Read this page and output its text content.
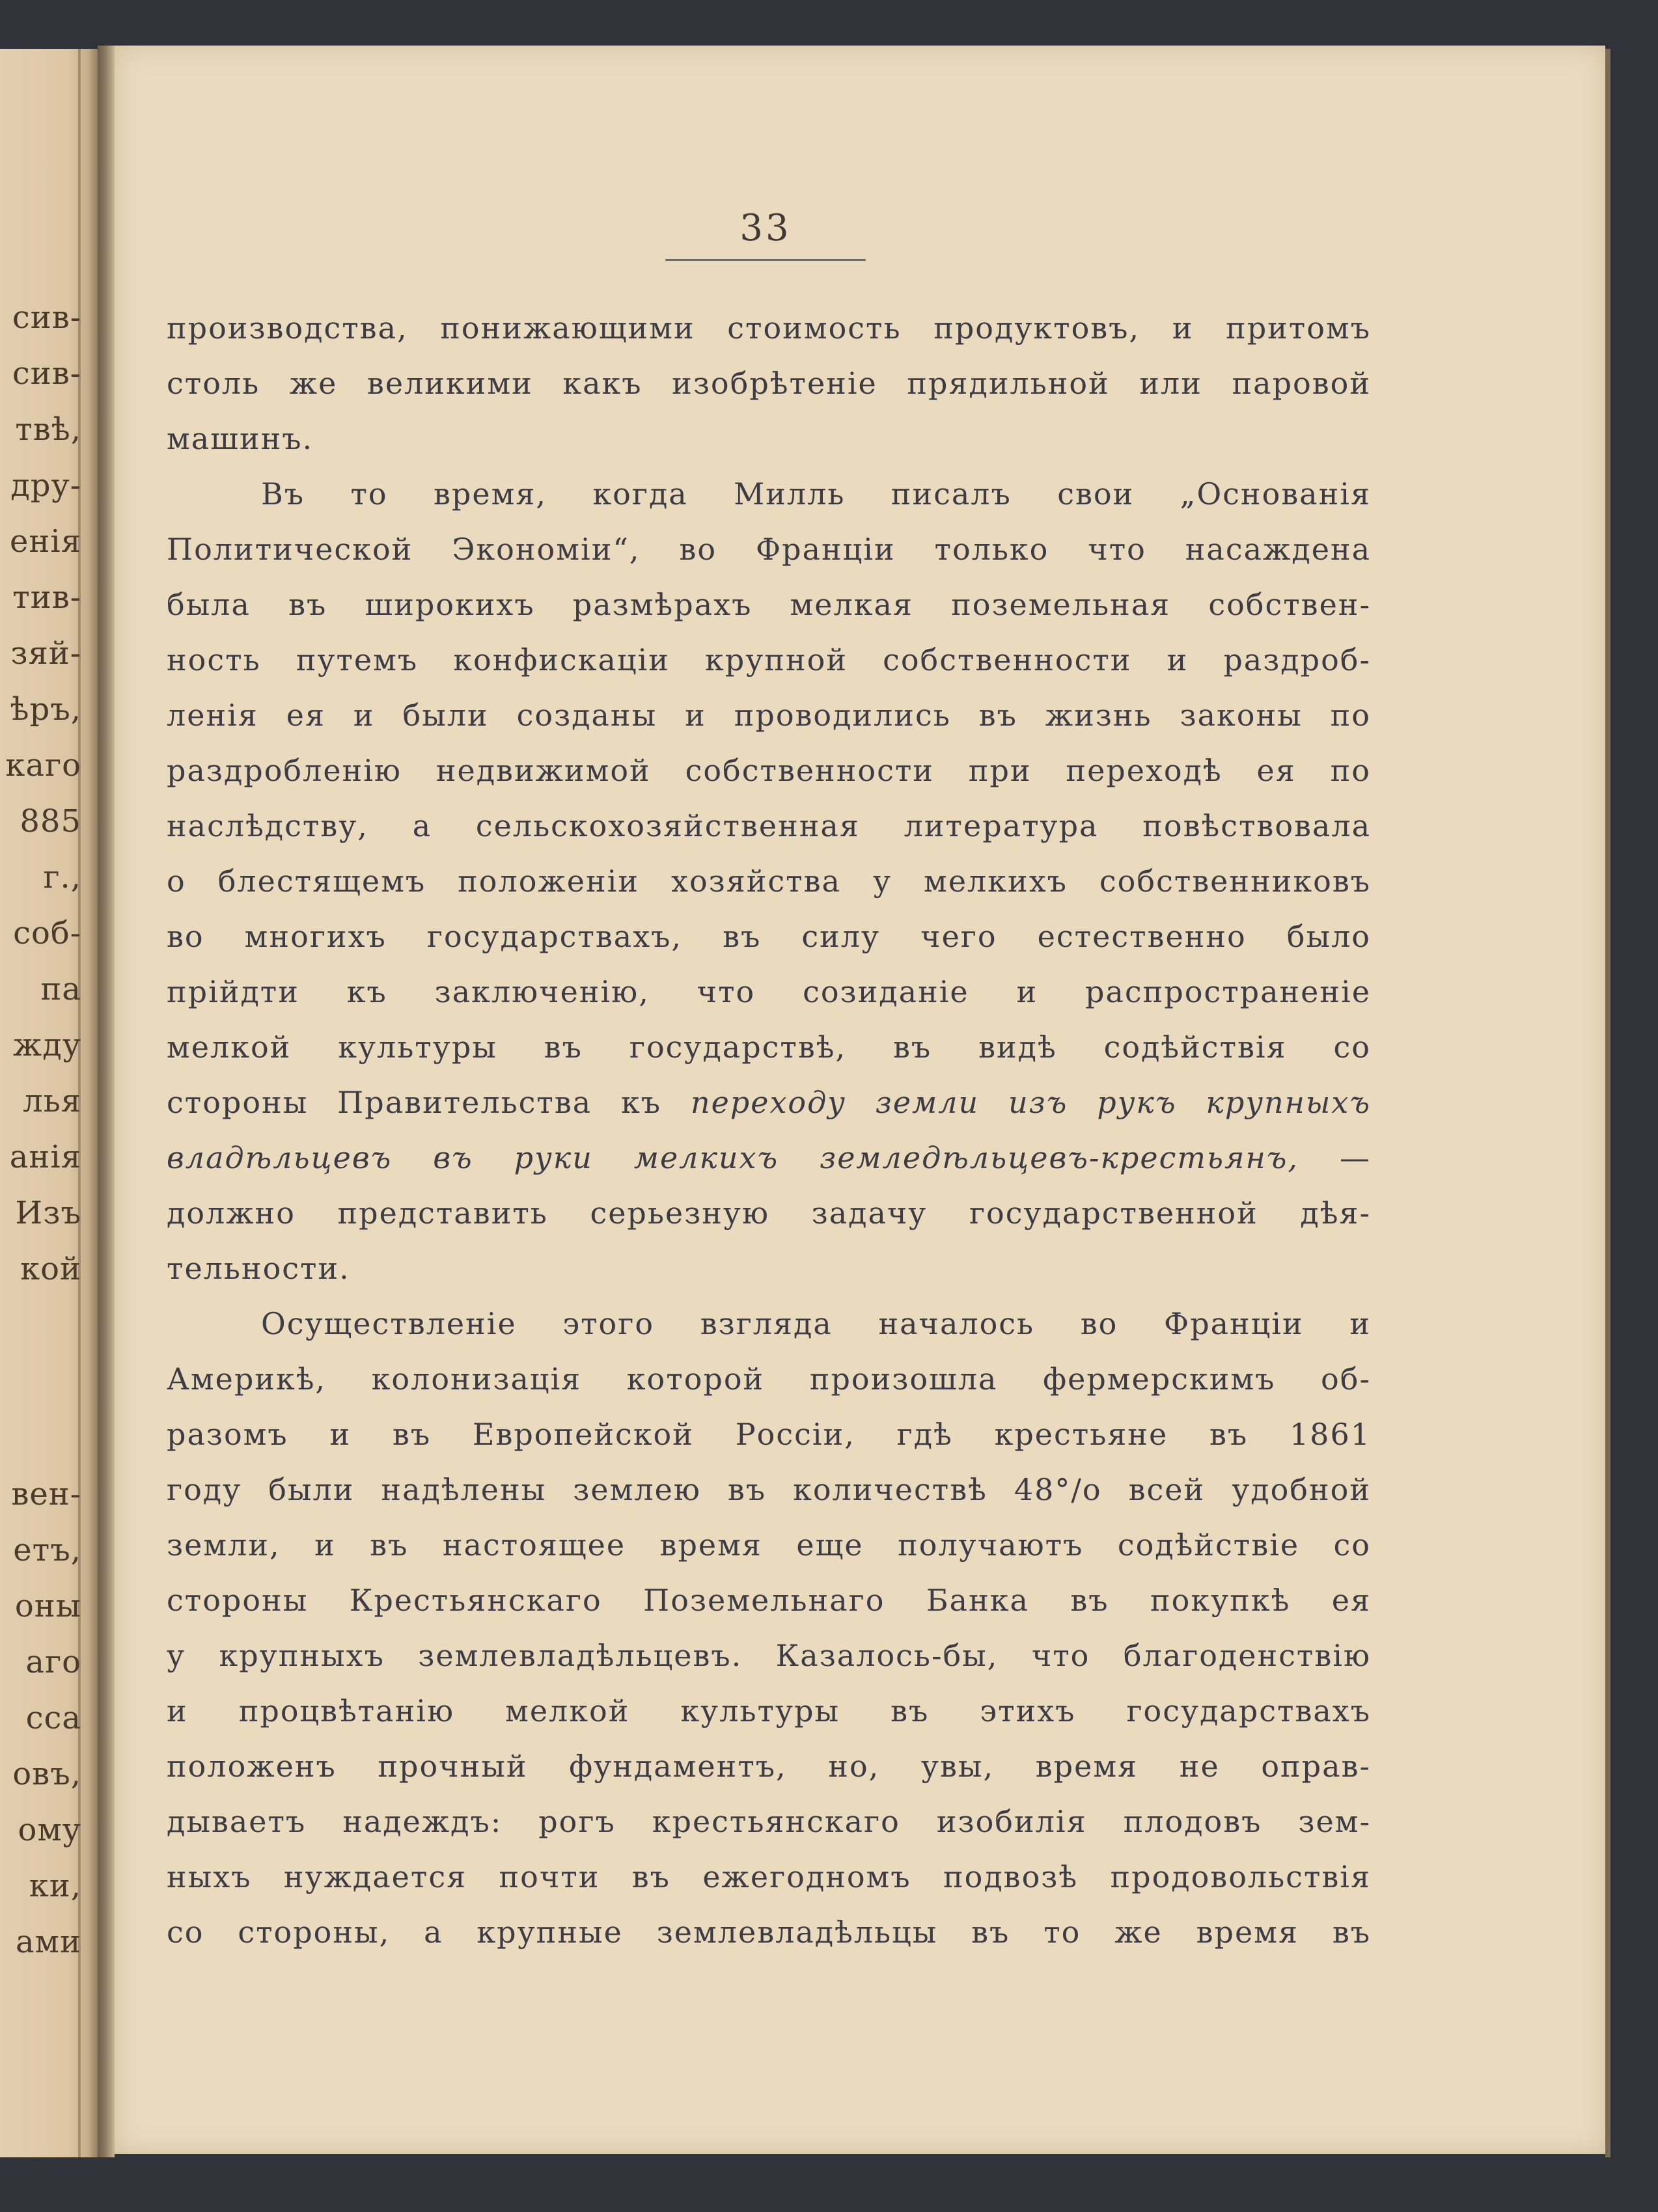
сив-
сив-
твѣ,
дру-
енія
тив-
зяй-
ѣръ,
каго
885
г.,
соб-
па
жду
лья
анія
Изъ
кой
вен-
етъ,
оны
аго
сса
овъ,
ому
ки,
ами
33
производства, понижающими стоимость продуктовъ, и притомъ
столь же великими какъ изобрѣтеніе прядильной или паровой
машинъ.
Въ то время, когда Милль писалъ свои „Основанія
Политической Экономіи“, во Франціи только что насаждена
была въ широкихъ размѣрахъ мелкая поземельная собствен-
ность путемъ конфискаціи крупной собственности и раздроб-
ленія ея и были созданы и проводились въ жизнь законы по
раздробленію недвижимой собственности при переходѣ ея по
наслѣдству, а сельскохозяйственная литература повѣствовала
о блестящемъ положеніи хозяйства у мелкихъ собственниковъ
во многихъ государствахъ, въ силу чего естественно было
прійдти къ заключенію, что созиданіе и распространеніе
мелкой культуры въ государствѣ, въ видѣ содѣйствія со
стороны Правительства къ переходу земли изъ рукъ крупныхъ
владѣльцевъ въ руки мелкихъ земледѣльцевъ-крестьянъ, —
должно представить серьезную задачу государственной дѣя-
тельности.
Осуществленіе этого взгляда началось во Франціи и
Америкѣ, колонизація которой произошла фермерскимъ об-
разомъ и въ Европейской Россіи, гдѣ крестьяне въ 1861
году были надѣлены землею въ количествѣ 48°/о всей удобной
земли, и въ настоящее время еще получаютъ содѣйствіе со
стороны Крестьянскаго Поземельнаго Банка въ покупкѣ ея
у крупныхъ землевладѣльцевъ. Казалось-бы, что благоденствію
и процвѣтанію мелкой культуры въ этихъ государствахъ
положенъ прочный фундаментъ, но, увы, время не оправ-
дываетъ надеждъ: рогъ крестьянскаго изобилія плодовъ зем-
ныхъ нуждается почти въ ежегодномъ подвозѣ продовольствія
со стороны, а крупные землевладѣльцы въ то же время въ
